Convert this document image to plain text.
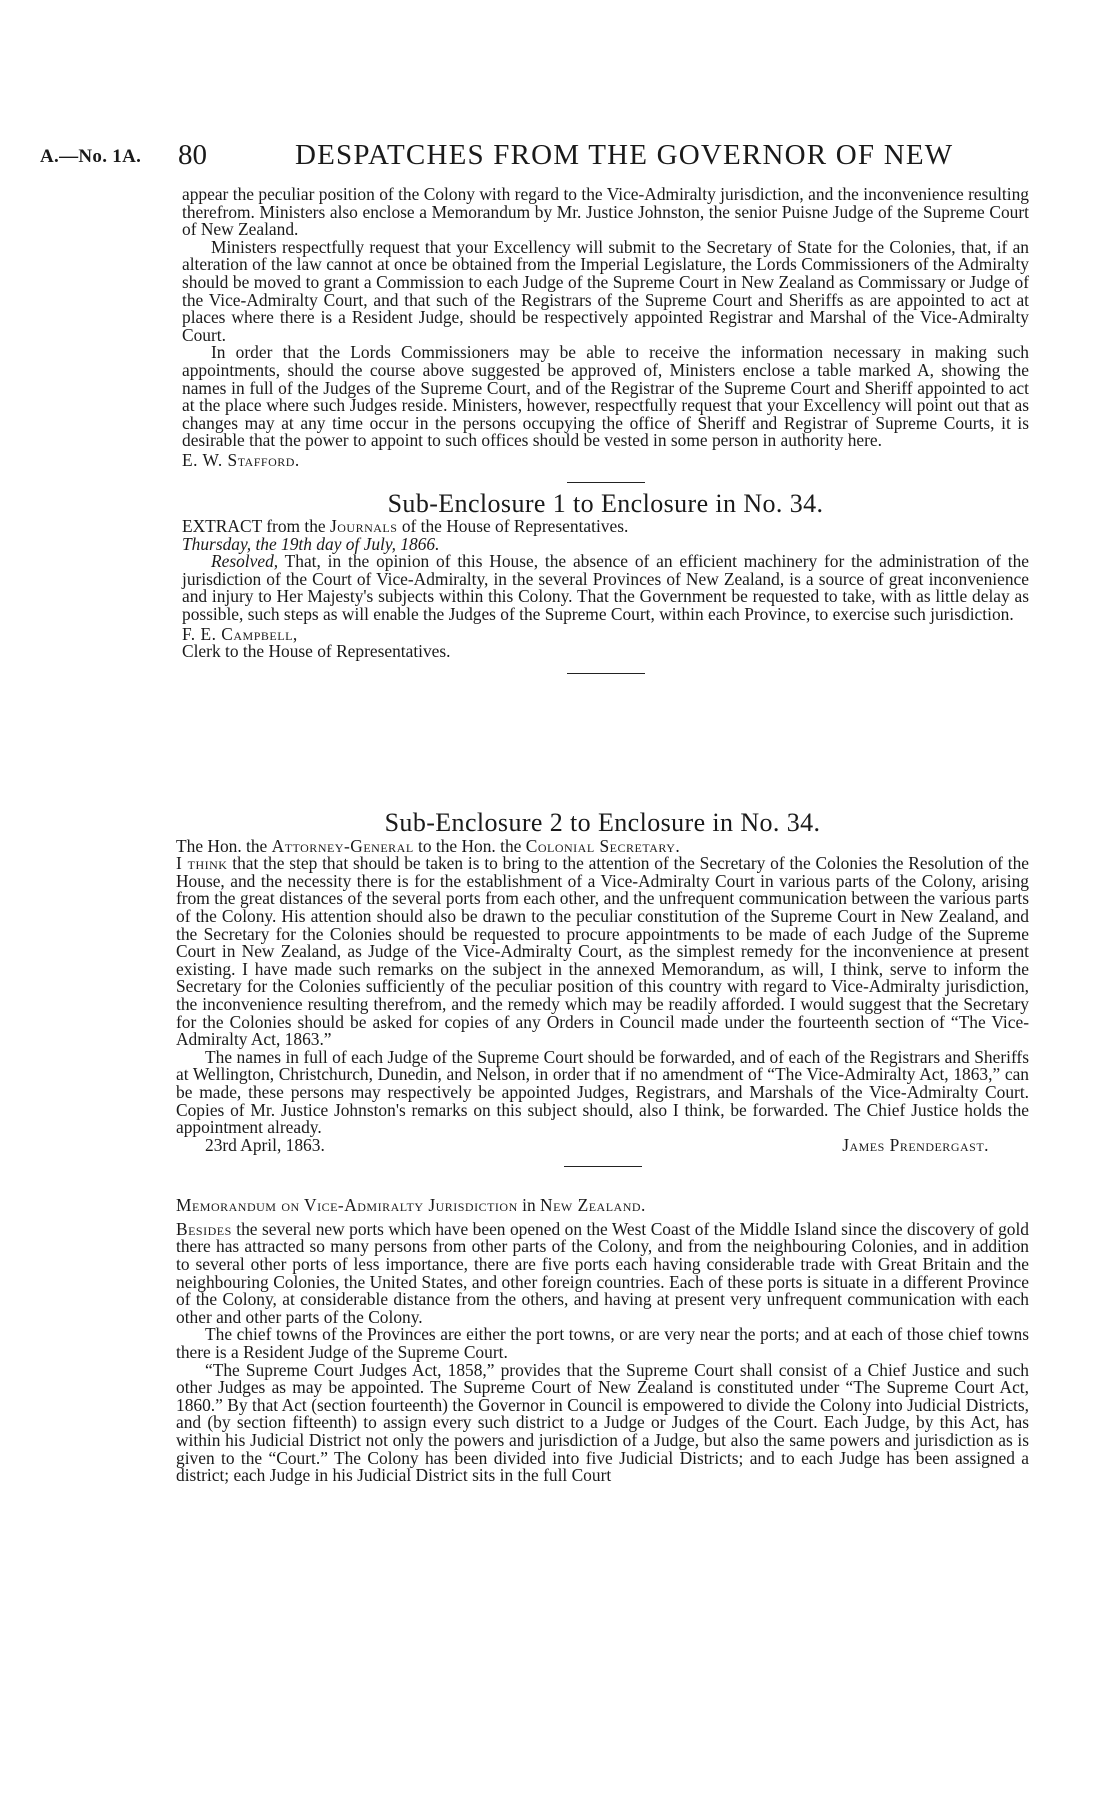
A.—No. 1A. 80	DESPATCHES FROM THE GOVERNOR OF NEW

appear the peculiar position of the Colony with regard to the Vice-Admiralty jurisdiction, and the inconvenience resulting therefrom. Ministers also enclose a Memorandum by Mr. Justice Johnston, the senior Puisne Judge of the Supreme Court of New Zealand.

Ministers respectfully request that your Excellency will submit to the Secretary of State for the Colonies, that, if an alteration of the law cannot at once be obtained from the Imperial Legislature, the Lords Commissioners of the Admiralty should be moved to grant a Commission to each Judge of the Supreme Court in New Zealand as Commissary or Judge of the Vice-Admiralty Court, and that such of the Registrars of the Supreme Court and Sheriffs as are appointed to act at places where there is a Resident Judge, should be respectively appointed Registrar and Marshal of the Vice-Admiralty Court.

In order that the Lords Commissioners may be able to receive the information necessary in making such appointments, should the course above suggested be approved of, Ministers enclose a table marked A, showing the names in full of the Judges of the Supreme Court, and of the Registrar of the Supreme Court and Sheriff appointed to act at the place where such Judges reside. Ministers, however, respectfully request that your Excellency will point out that as changes may at any time occur in the persons occupying the office of Sheriff and Registrar of Supreme Courts, it is desirable that the power to appoint to such offices should be vested in some person in authority here.

E. W. Stafford.

Sub-Enclosure 1 to Enclosure in No. 34.

EXTRACT from the Journals of the House of Representatives.

Thursday, the 19th day of July, 1866.

Resolved, That, in the opinion of this House, the absence of an efficient machinery for the administration of the jurisdiction of the Court of Vice-Admiralty, in the several Provinces of New Zealand, is a source of great inconvenience and injury to Her Majesty's subjects within this Colony. That the Government be requested to take, with as little delay as possible, such steps as will enable the Judges of the Supreme Court, within each Province, to exercise such jurisdiction.

F. E. Campbell,

Clerk to the House of Representatives.

Sub-Enclosure 2 to Enclosure in No. 34.

The Hon. the Attorney-General to the Hon. the Colonial Secretary.

I think that the step that should be taken is to bring to the attention of the Secretary of the Colonies the Resolution of the House, and the necessity there is for the establishment of a Vice-Admiralty Court in various parts of the Colony, arising from the great distances of the several ports from each other, and the unfrequent communication between the various parts of the Colony. His attention should also be drawn to the peculiar constitution of the Supreme Court in New Zealand, and the Secretary for the Colonies should be requested to procure appointments to be made of each Judge of the Supreme Court in New Zealand, as Judge of the Vice-Admiralty Court, as the simplest remedy for the inconvenience at present existing. I have made such remarks on the subject in the annexed Memorandum, as will, I think, serve to inform the Secretary for the Colonies sufficiently of the peculiar position of this country with regard to Vice-Admiralty jurisdiction, the inconvenience resulting therefrom, and the remedy which may be readily afforded. I would suggest that the Secretary for the Colonies should be asked for copies of any Orders in Council made under the fourteenth section of “The Vice-Admiralty Act, 1863.”

The names in full of each Judge of the Supreme Court should be forwarded, and of each of the Registrars and Sheriffs at Wellington, Christchurch, Dunedin, and Nelson, in order that if no amendment of “The Vice-Admiralty Act, 1863,” can be made, these persons may respectively be appointed Judges, Registrars, and Marshals of the Vice-Admiralty Court. Copies of Mr. Justice Johnston's remarks on this subject should, also I think, be forwarded. The Chief Justice holds the appointment already.

23rd April, 1863.	James Prendergast.

Memorandum on Vice-Admiralty Jurisdiction in New Zealand.

Besides the several new ports which have been opened on the West Coast of the Middle Island since the discovery of gold there has attracted so many persons from other parts of the Colony, and from the neighbouring Colonies, and in addition to several other ports of less importance, there are five ports each having considerable trade with Great Britain and the neighbouring Colonies, the United States, and other foreign countries. Each of these ports is situate in a different Province of the Colony, at considerable distance from the others, and having at present very unfrequent communication with each other and other parts of the Colony.

The chief towns of the Provinces are either the port towns, or are very near the ports; and at each of those chief towns there is a Resident Judge of the Supreme Court.

“The Supreme Court Judges Act, 1858,” provides that the Supreme Court shall consist of a Chief Justice and such other Judges as may be appointed. The Supreme Court of New Zealand is constituted under “The Supreme Court Act, 1860.” By that Act (section fourteenth) the Governor in Council is empowered to divide the Colony into Judicial Districts, and (by section fifteenth) to assign every such district to a Judge or Judges of the Court. Each Judge, by this Act, has within his Judicial District not only the powers and jurisdiction of a Judge, but also the same powers and jurisdiction as is given to the “Court.” The Colony has been divided into five Judicial Districts; and to each Judge has been assigned a district; each Judge in his Judicial District sits in the full Court
